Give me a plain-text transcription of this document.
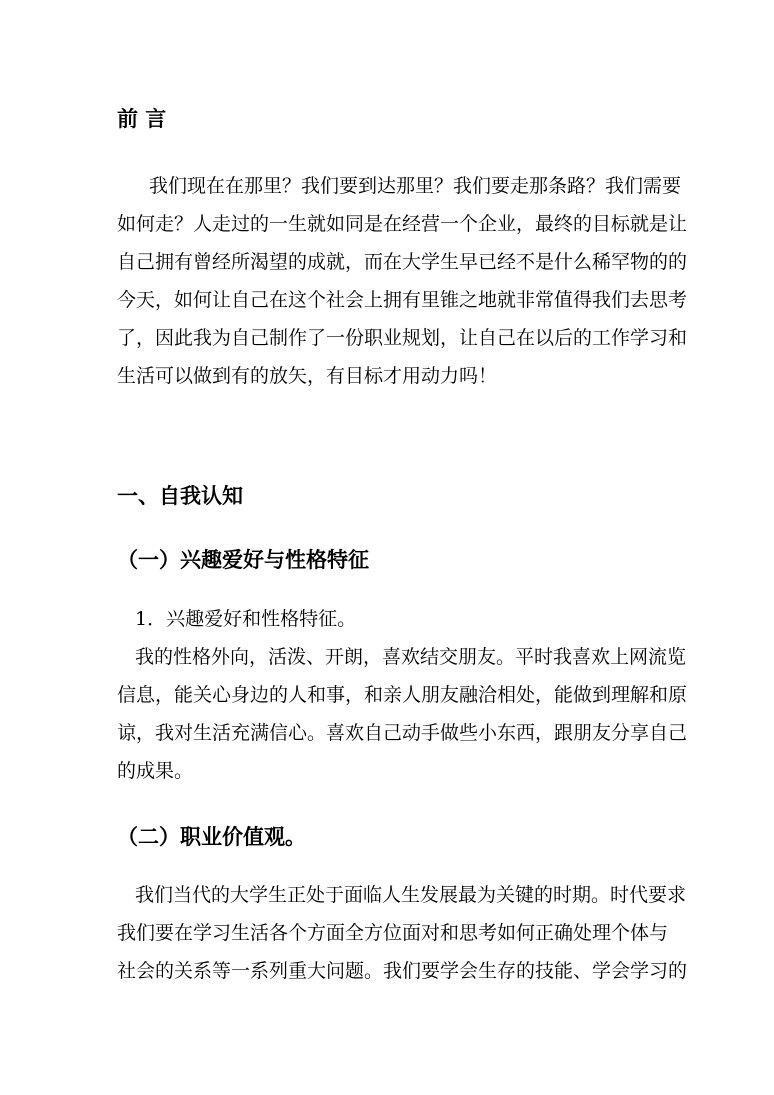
前 言
我们现在在那里？我们要到达那里？我们要走那条路？我们需要
如何走？人走过的一生就如同是在经营一个企业，最终的目标就是让
自己拥有曾经所渴望的成就，而在大学生早已经不是什么稀罕物的的
今天，如何让自己在这个社会上拥有里锥之地就非常值得我们去思考
了，因此我为自己制作了一份职业规划，让自己在以后的工作学习和
生活可以做到有的放矢，有目标才用动力吗！
一、自我认知
（一）兴趣爱好与性格特征
1．兴趣爱好和性格特征。
我的性格外向，活泼、开朗，喜欢结交朋友。平时我喜欢上网流览
信息，能关心身边的人和事，和亲人朋友融洽相处，能做到理解和原
谅，我对生活充满信心。喜欢自己动手做些小东西，跟朋友分享自己
的成果。
（二）职业价值观。
我们当代的大学生正处于面临人生发展最为关键的时期。时代要求
我们要在学习生活各个方面全方位面对和思考如何正确处理个体与
社会的关系等一系列重大问题。我们要学会生存的技能、学会学习的
